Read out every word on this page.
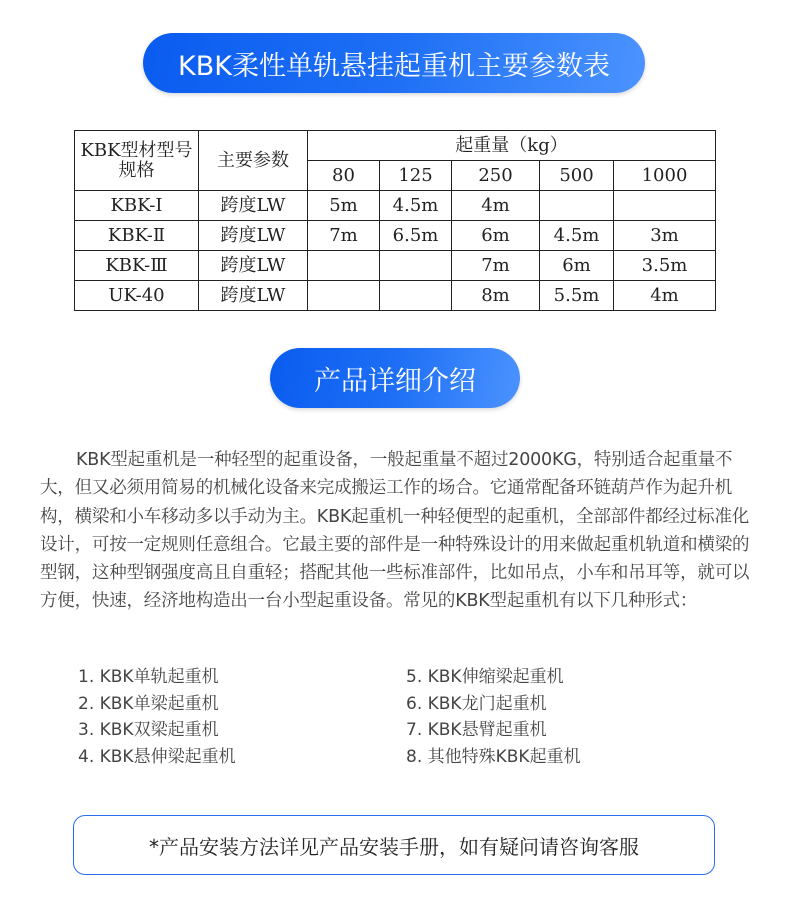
KBK柔性单轨悬挂起重机主要参数表
KBK型材型号规格	主要参数	起重量（kg）				
		80	125	250	500	1000
KBK-Ⅰ	跨度LW	5m	4.5m	4m		
KBK-Ⅱ	跨度LW	7m	6.5m	6m	4.5m	3m
KBK-Ⅲ	跨度LW			7m	6m	3.5m
UK-40	跨度LW			8m	5.5m	4m
产品详细介绍
KBK型起重机是一种轻型的起重设备，一般起重量不超过2000KG，特别适合起重量不大，但又必须用简易的机械化设备来完成搬运工作的场合。它通常配备环链葫芦作为起升机构，横梁和小车移动多以手动为主。KBK起重机一种轻便型的起重机，全部部件都经过标准化设计，可按一定规则任意组合。它最主要的部件是一种特殊设计的用来做起重机轨道和横梁的型钢，这种型钢强度高且自重轻；搭配其他一些标准部件，比如吊点，小车和吊耳等，就可以方便，快速，经济地构造出一台小型起重设备。常见的KBK型起重机有以下几种形式：
1. KBK单轨起重机
2. KBK单梁起重机
3. KBK双梁起重机
4. KBK悬伸梁起重机
5. KBK伸缩梁起重机
6. KBK龙门起重机
7. KBK悬臂起重机
8. 其他特殊KBK起重机
*产品安装方法详见产品安装手册，如有疑问请咨询客服
